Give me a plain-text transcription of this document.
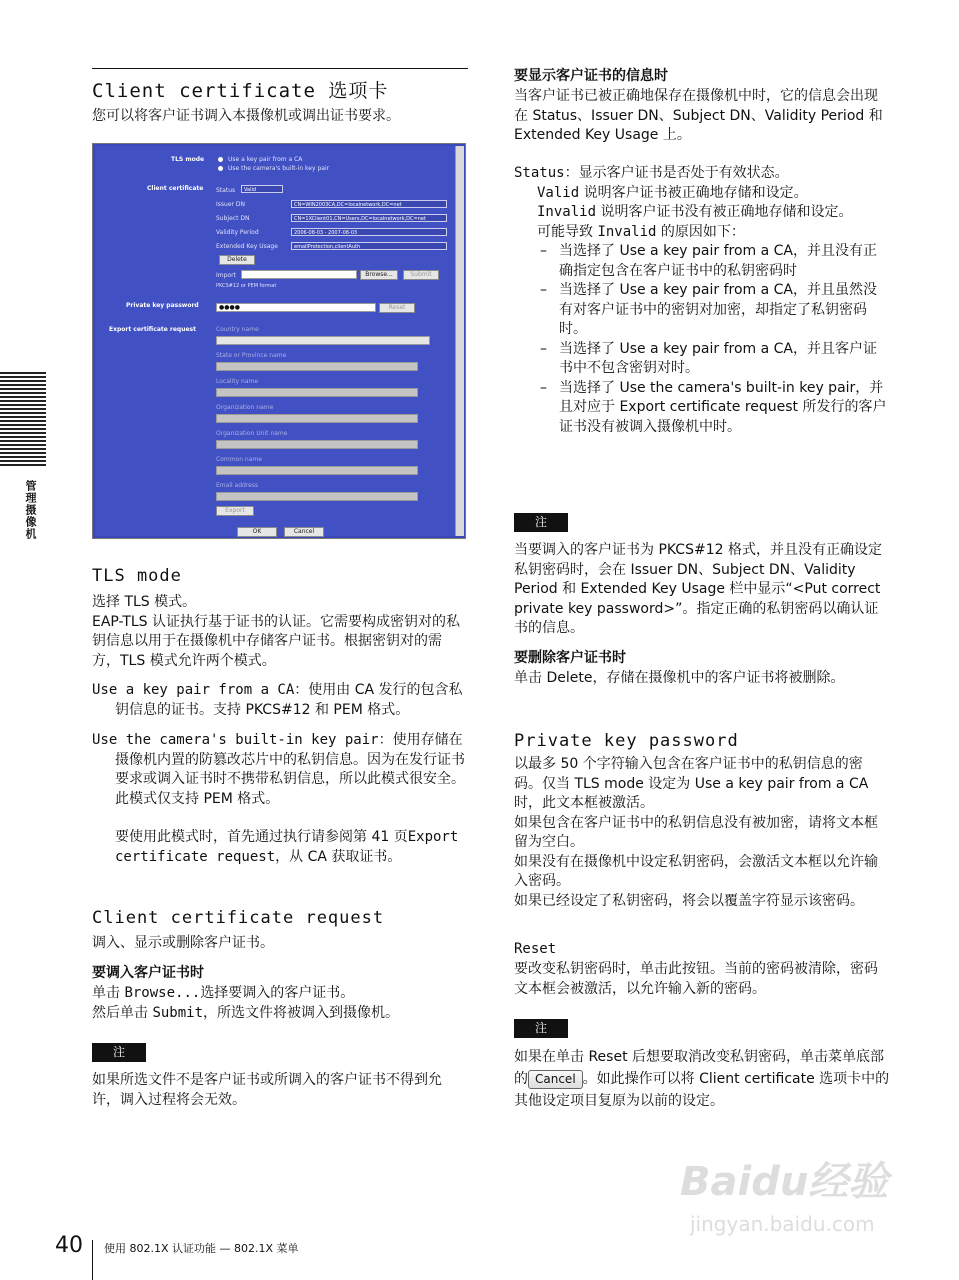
管理摄像机
Client certificate 选项卡
您可以将客户证书调入本摄像机或调出证书要求。
TLS mode	Use a key pair from a CA
Use the camera's built-in key pair
Client certificate Status	Valid
Issuer DN	CN=WIN2003CA,DC=localnetwork,DC=net
Subject DN	CN=1XClient01,CN=Users,DC=localnetwork,DC=net
Validity Period	2006-08-03 - 2007-08-03
Extended Key Usage	emailProtection,clientAuth
Delete
Import	Browse...	Submit
PKCS#12 or PEM format
Private key password	●●●●	Reset
Export certificate request	Country name
State or Province name
Locality name
Organization name
Organization Unit name
Common name
Email address
Export
OK	Cancel
TLS mode
选择 TLS 模式。
EAP-TLS 认证执行基于证书的认证。它需要构成密钥对的私钥信息以用于在摄像机中存储客户证书。根据密钥对的需方，TLS 模式允许两个模式。
Use a key pair from a CA：使用由 CA 发行的包含私钥信息的证书。支持 PKCS#12 和 PEM 格式。
Use the camera's built-in key pair：使用存储在摄像机内置的防篡改芯片中的私钥信息。因为在发行证书要求或调入证书时不携带私钥信息，所以此模式很安全。此模式仅支持 PEM 格式。
要使用此模式时，首先通过执行请参阅第 41 页Export certificate request，从 CA 获取证书。
Client certificate request
调入、显示或删除客户证书。
要调入客户证书时
单击 Browse...选择要调入的客户证书。
然后单击 Submit，所选文件将被调入到摄像机。
注
如果所选文件不是客户证书或所调入的客户证书不得到允许，调入过程将会无效。
要显示客户证书的信息时
当客户证书已被正确地保存在摄像机中时，它的信息会出现在 Status、Issuer DN、Subject DN、Validity Period 和 Extended Key Usage 上。
Status：显示客户证书是否处于有效状态。
Valid 说明客户证书被正确地存储和设定。
Invalid 说明客户证书没有被正确地存储和设定。
可能导致 Invalid 的原因如下：
– 当选择了 Use a key pair from a CA，并且没有正确指定包含在客户证书中的私钥密码时
– 当选择了 Use a key pair from a CA，并且虽然没有对客户证书中的密钥对加密，却指定了私钥密码时。
– 当选择了 Use a key pair from a CA，并且客户证书中不包含密钥对时。
– 当选择了 Use the camera's built-in key pair，并且对应于 Export certificate request 所发行的客户证书没有被调入摄像机中时。
注
当要调入的客户证书为 PKCS#12 格式，并且没有正确设定私钥密码时，会在 Issuer DN、Subject DN、Validity Period 和 Extended Key Usage 栏中显示“<Put correct private key password>”。指定正确的私钥密码以确认证书的信息。
要删除客户证书时
单击 Delete，存储在摄像机中的客户证书将被删除。
Private key password
以最多 50 个字符输入包含在客户证书中的私钥信息的密码。仅当 TLS mode 设定为 Use a key pair from a CA 时，此文本框被激活。
如果包含在客户证书中的私钥信息没有被加密，请将文本框留为空白。
如果没有在摄像机中设定私钥密码，会激活文本框以允许输入密码。
如果已经设定了私钥密码，将会以覆盖字符显示该密码。
Reset
要改变私钥密码时，单击此按钮。当前的密码被清除，密码文本框会被激活，以允许输入新的密码。
注
如果在单击 Reset 后想要取消改变私钥密码，单击菜单底部的 Cancel 。如此操作可以将 Client certificate 选项卡中的其他设定项目复原为以前的设定。
Baidu经验
jingyan.baidu.com
40 使用 802.1X 认证功能 — 802.1X 菜单
